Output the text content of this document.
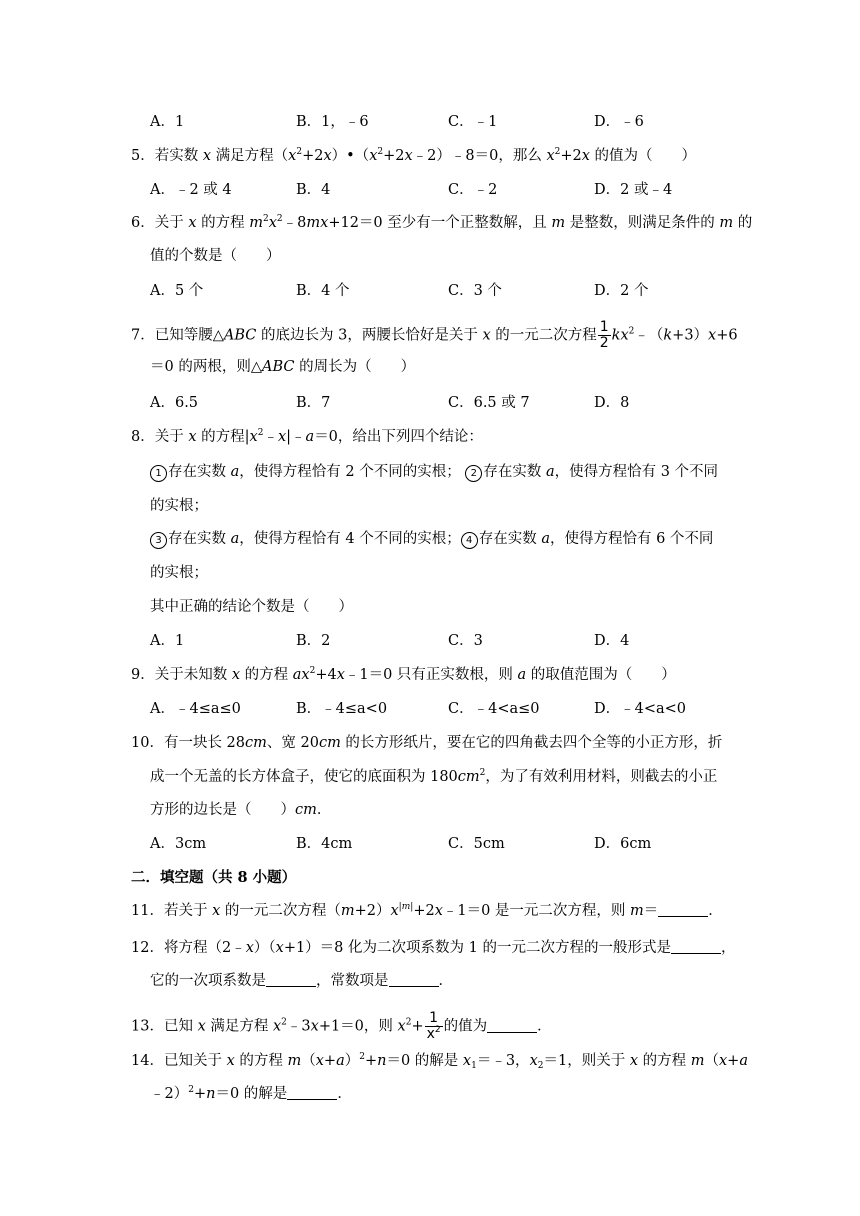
A．1	B．1，﹣6	C．﹣1	D．﹣6
5．若实数 x 满足方程$(x^2+2x)•(x^2+2x﹣2)﹣8=0$，那么 $x^2+2x$ 的值为（　　）
A．﹣2 或 4	B．4	C．﹣2	D．2 或﹣4
6．关于 x 的方程 $m^2x^2﹣8mx+12=0$ 至少有一个正整数解，且 m 是整数，则满足条件的 m 的
值的个数是（　　）
A．5 个	B．4 个	C．3 个	D．2 个
7．已知等腰△ABC 的底边长为 3，两腰长恰好是关于 x 的一元二次方程 $\frac{1}{2}$ $kx^2﹣(k+3)x+6$
＝0 的两根，则△ABC 的周长为（　　）
A．6.5	B．7	C．6.5 或 7	D．8
8．关于 x 的方程$|x^2﹣x|﹣a=0$，给出下列四个结论：
1 存在实数 a，使得方程恰有 2 个不同的实根； 2 存在实数 a，使得方程恰有 3 个不同
的实根；
3 存在实数 a，使得方程恰有 4 个不同的实根； 4 存在实数 a，使得方程恰有 6 个不同
的实根；
其中正确的结论个数是（　　）
A．1	B．2	C．3	D．4
9．关于未知数 x 的方程 $ax^2+4x﹣1=0$ 只有正实数根，则 a 的取值范围为（　　）
A．﹣4≤a≤0	B．﹣4≤a<0	C．﹣4<a≤0	D．﹣4<a<0
10．有一块长 28cm、宽 20cm 的长方形纸片，要在它的四角截去四个全等的小正方形，折
成一个无盖的长方体盒子，使它的底面积为 $180cm^2$，为了有效利用材料，则截去的小正
方形的边长是（　　）cm．
A．3cm	B．4cm	C．5cm	D．6cm
二．填空题（共 8 小题）
11．若关于 x 的一元二次方程$(m+2)x^{|m|}+2x﹣1=0$ 是一元二次方程，则 m＝	．
12．将方程（2﹣x）（x+1）＝8 化为二次项系数为 1 的一元二次方程的一般形式是	，
它的一次项系数是	，常数项是	．
13．已知 x 满足方程 $x^2﹣3x+1=0$，则 $x^2+ \frac{1}{x^2}$ 的值为	．
14．已知关于 x 的方程 $m(x+a)^2+n=0$ 的解是 $x_1=﹣3$，$x_2=1$，则关于 x 的方程 m（x+a
﹣2）$^2$+n＝0 的解是	．
